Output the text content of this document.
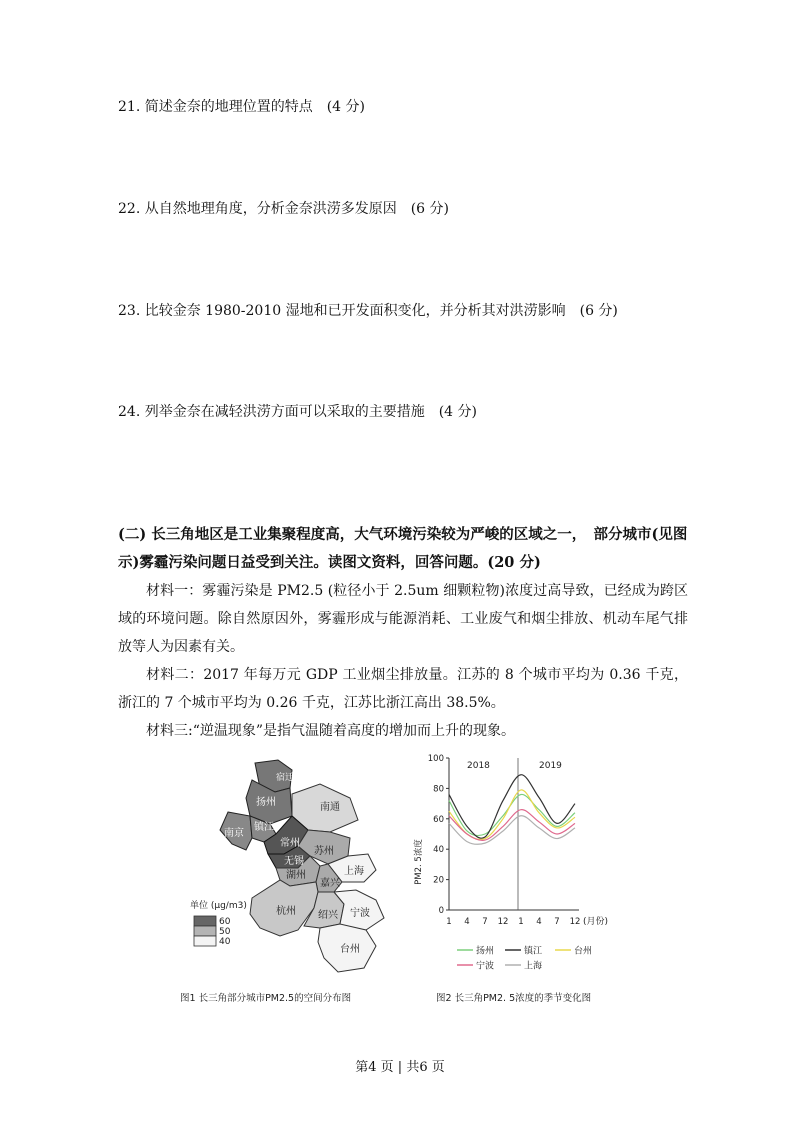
21. 简述金奈的地理位置的特点　(4 分)
22. 从自然地理角度，分析金奈洪涝多发原因　(6 分)
23. 比较金奈 1980-2010 湿地和已开发面积变化，并分析其对洪涝影响　(6 分)
24. 列举金奈在减轻洪涝方面可以采取的主要措施　(4 分)
(二) 长三角地区是工业集聚程度高，大气环境污染较为严峻的区域之一，　部分城市(见图示)雾霾污染问题日益受到关注。读图文资料，回答问题。(20 分)
材料一：雾霾污染是 PM2.5 (粒径小于 2.5um 细颗粒物)浓度过高导致，已经成为跨区域的环境问题。除自然原因外，雾霾形成与能源消耗、工业废气和烟尘排放、机动车尾气排放等人为因素有关。
材料二：2017 年每万元 GDP 工业烟尘排放量。江苏的 8 个城市平均为 0.36 千克，浙江的 7 个城市平均为 0.26 千克，江苏比浙江高出 38.5%。
材料三:“逆温现象”是指气温随着高度的增加而上升的现象。
宿迁
扬州	南通
南京
镇江
常州
无锡
苏州
上海
湖州
嘉兴
杭州 绍兴 宁波
台州
单位 (μg/m3)
60
50
40
图1 长三角部分城市PM2.5的空间分布图
0
20
40
60
80
100
1 4 7 12 1 4 7 12
扬州	镇江	台州
宁波	上海
PM2. 5浓度
(月份)
2018	2019
图2 长三角PM2. 5浓度的季节变化图
第4 页 | 共6 页
